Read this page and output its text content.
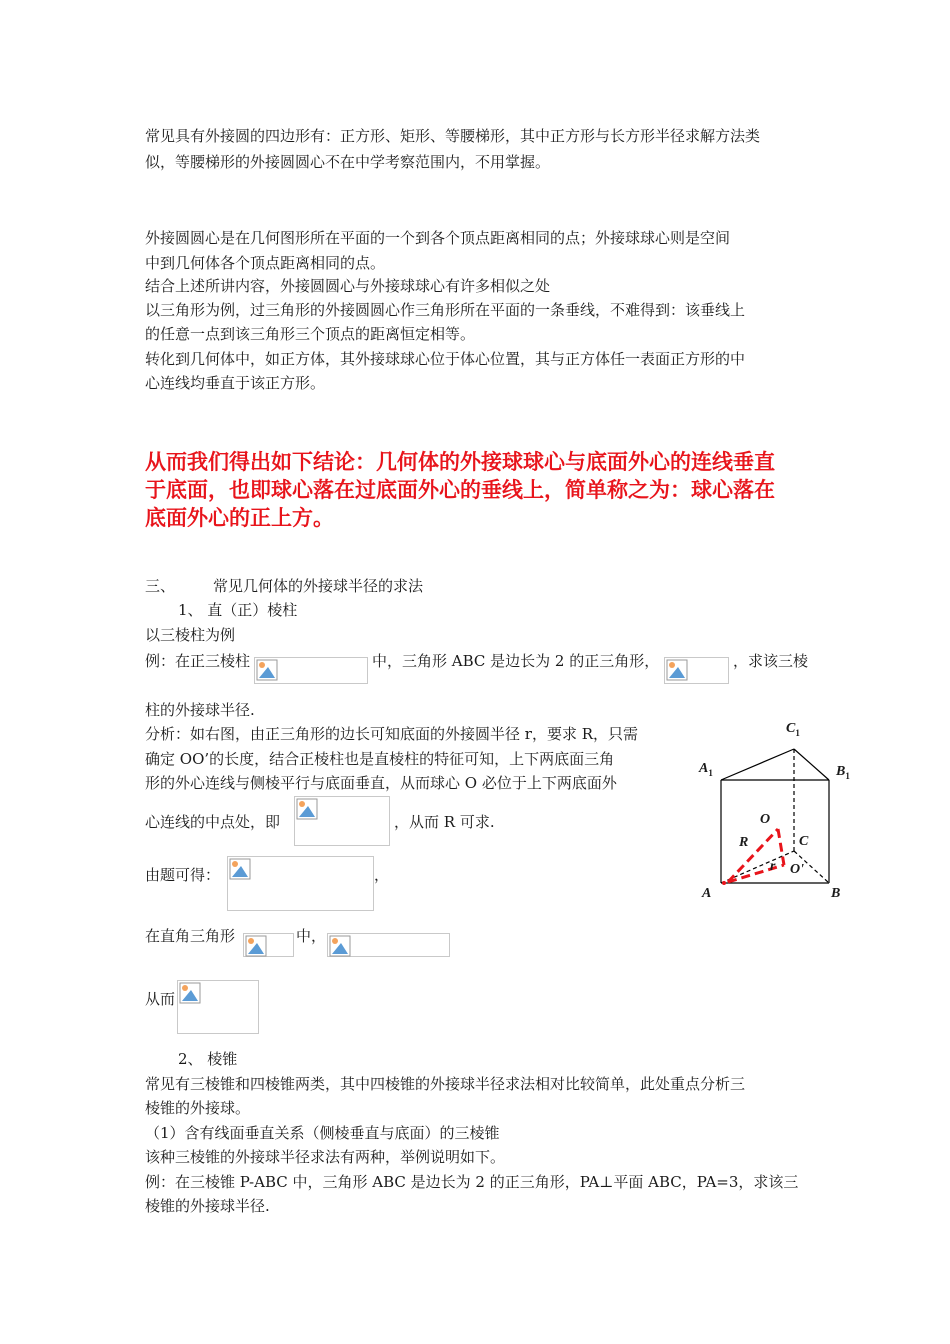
常见具有外接圆的四边形有：正方形、矩形、等腰梯形，其中正方形与长方形半径求解方法类
似，等腰梯形的外接圆圆心不在中学考察范围内，不用掌握。
外接圆圆心是在几何图形所在平面的一个到各个顶点距离相同的点；外接球球心则是空间
中到几何体各个顶点距离相同的点。
结合上述所讲内容，外接圆圆心与外接球球心有许多相似之处
以三角形为例，过三角形的外接圆圆心作三角形所在平面的一条垂线，不难得到：该垂线上
的任意一点到该三角形三个顶点的距离恒定相等。
转化到几何体中，如正方体，其外接球球心位于体心位置，其与正方体任一表面正方形的中
心连线均垂直于该正方形。
从而我们得出如下结论：几何体的外接球球心与底面外心的连线垂直
于底面，也即球心落在过底面外心的垂线上，简单称之为：球心落在
底面外心的正上方。
三、	常见几何体的外接球半径的求法
1、 直（正）棱柱
以三棱柱为例
例：在正三棱柱	中，三角形 ABC 是边长为 2 的正三角形，	，求该三棱
柱的外接球半径.
分析：如右图，由正三角形的边长可知底面的外接圆半径 r，要求 R，只需
确定 OO’的长度，结合正棱柱也是直棱柱的特征可知，上下两底面三角
形的外心连线与侧棱平行与底面垂直，从而球心 O 必位于上下两底面外
心连线的中点处，即	，从而 R 可求.
由题可得：	，
在直角三角形	中，
从而
2、 棱锥
常见有三棱锥和四棱锥两类，其中四棱锥的外接球半径求法相对比较简单，此处重点分析三
棱锥的外接球。
（1）含有线面垂直关系（侧棱垂直与底面）的三棱锥
该种三棱锥的外接球半径求法有两种，举例说明如下。
例：在三棱锥 P-ABC 中，三角形 ABC 是边长为 2 的正三角形，PA⊥平面 ABC，PA=3，求该三
棱锥的外接球半径.
$C_1$
$A_1$	$B_1$
O
R	C
r O'
A	B
